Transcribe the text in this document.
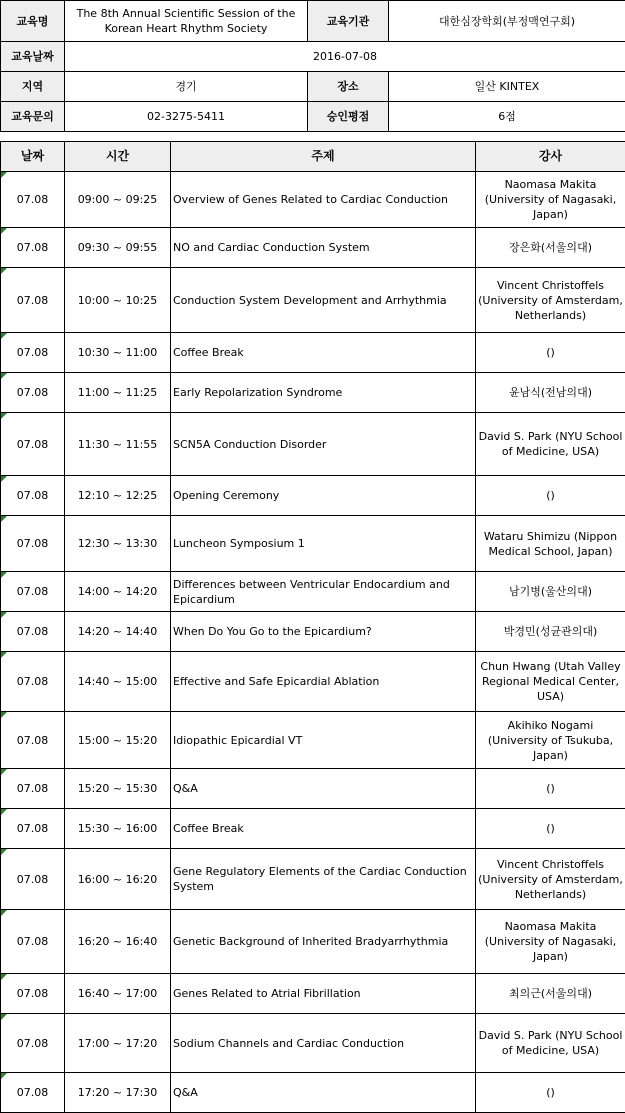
교육명	The 8th Annual Scientific Session of the Korean Heart Rhythm Society	교육기관	대한심장학회(부정맥연구회)
교육날짜	2016-07-08		
지역	경기	장소	일산 KINTEX
교육문의	02-3275-5411	승인평점	6점
날짜	시간	주제	강사
07.08	09:00 ~ 09:25	Overview of Genes Related to Cardiac Conduction	Naomasa Makita (University of Nagasaki, Japan)
07.08	09:30 ~ 09:55	NO and Cardiac Conduction System	장은화(서울의대)
07.08	10:00 ~ 10:25	Conduction System Development and Arrhythmia	Vincent Christoffels (University of Amsterdam, Netherlands)
07.08	10:30 ~ 11:00	Coffee Break	()
07.08	11:00 ~ 11:25	Early Repolarization Syndrome	윤남식(전남의대)
07.08	11:30 ~ 11:55	SCN5A Conduction Disorder	David S. Park (NYU School of Medicine, USA)
07.08	12:10 ~ 12:25	Opening Ceremony	()
07.08	12:30 ~ 13:30	Luncheon Symposium 1	Wataru Shimizu (Nippon Medical School, Japan)
07.08	14:00 ~ 14:20	Differences between Ventricular Endocardium and Epicardium	남기병(울산의대)
07.08	14:20 ~ 14:40	When Do You Go to the Epicardium?	박경민(성균관의대)
07.08	14:40 ~ 15:00	Effective and Safe Epicardial Ablation	Chun Hwang (Utah Valley Regional Medical Center, USA)
07.08	15:00 ~ 15:20	Idiopathic Epicardial VT	Akihiko Nogami (University of Tsukuba, Japan)
07.08	15:20 ~ 15:30	Q&A	()
07.08	15:30 ~ 16:00	Coffee Break	()
07.08	16:00 ~ 16:20	Gene Regulatory Elements of the Cardiac Conduction System	Vincent Christoffels (University of Amsterdam, Netherlands)
07.08	16:20 ~ 16:40	Genetic Background of Inherited Bradyarrhythmia	Naomasa Makita (University of Nagasaki, Japan)
07.08	16:40 ~ 17:00	Genes Related to Atrial Fibrillation	최의근(서울의대)
07.08	17:00 ~ 17:20	Sodium Channels and Cardiac Conduction	David S. Park (NYU School of Medicine, USA)
07.08	17:20 ~ 17:30	Q&A	()
